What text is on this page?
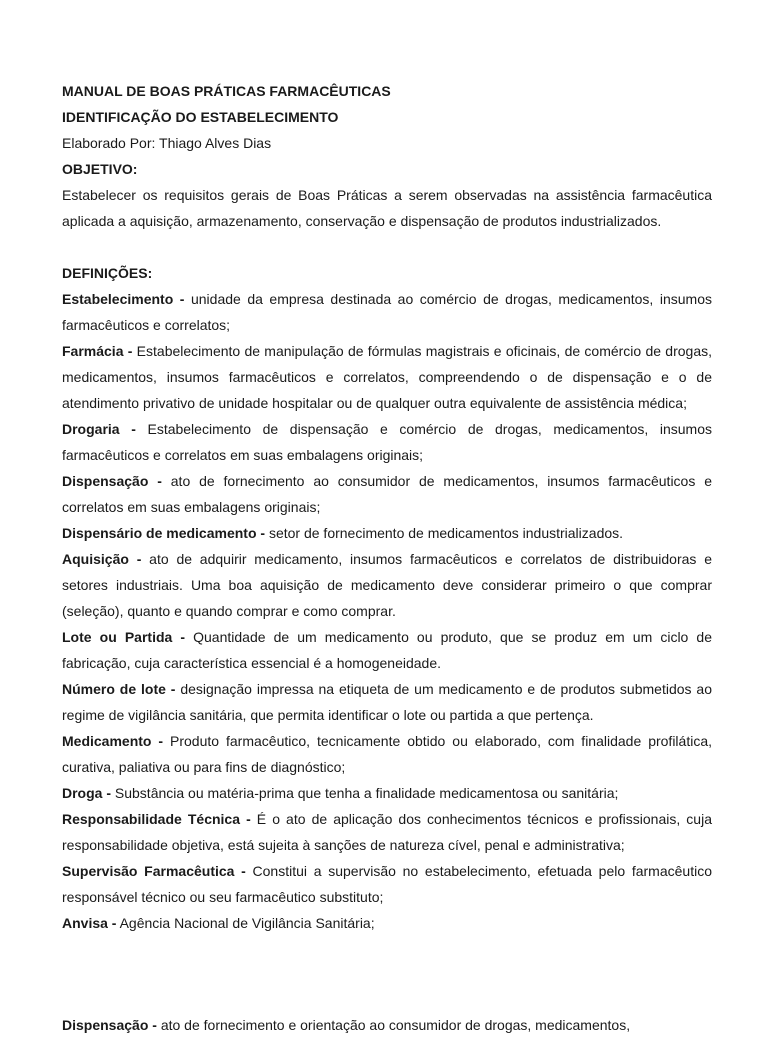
MANUAL DE BOAS PRÁTICAS FARMACÊUTICAS

IDENTIFICAÇÃO DO ESTABELECIMENTO

Elaborado Por: Thiago Alves Dias

OBJETIVO:

Estabelecer os requisitos gerais de Boas Práticas a serem observadas na assistência farmacêutica aplicada a aquisição, armazenamento, conservação e dispensação de produtos industrializados.

DEFINIÇÕES:

Estabelecimento - unidade da empresa destinada ao comércio de drogas, medicamentos, insumos farmacêuticos e correlatos;

Farmácia - Estabelecimento de manipulação de fórmulas magistrais e oficinais, de comércio de drogas, medicamentos, insumos farmacêuticos e correlatos, compreendendo o de dispensação e o de atendimento privativo de unidade hospitalar ou de qualquer outra equivalente de assistência médica;

Drogaria - Estabelecimento de dispensação e comércio de drogas, medicamentos, insumos farmacêuticos e correlatos em suas embalagens originais;

Dispensação - ato de fornecimento ao consumidor de medicamentos, insumos farmacêuticos e correlatos em suas embalagens originais;

Dispensário de medicamento - setor de fornecimento de medicamentos industrializados.

Aquisição - ato de adquirir medicamento, insumos farmacêuticos e correlatos de distribuidoras e setores industriais. Uma boa aquisição de medicamento deve considerar primeiro o que comprar (seleção), quanto e quando comprar e como comprar.

Lote ou Partida - Quantidade de um medicamento ou produto, que se produz em um ciclo de fabricação, cuja característica essencial é a homogeneidade.

Número de lote - designação impressa na etiqueta de um medicamento e de produtos submetidos ao regime de vigilância sanitária, que permita identificar o lote ou partida a que pertença.

Medicamento - Produto farmacêutico, tecnicamente obtido ou elaborado, com finalidade profilática, curativa, paliativa ou para fins de diagnóstico;

Droga - Substância ou matéria-prima que tenha a finalidade medicamentosa ou sanitária;

Responsabilidade Técnica - É o ato de aplicação dos conhecimentos técnicos e profissionais, cuja responsabilidade objetiva, está sujeita à sanções de natureza cível, penal e administrativa;

Supervisão Farmacêutica - Constitui a supervisão no estabelecimento, efetuada pelo farmacêutico responsável técnico ou seu farmacêutico substituto;

Anvisa - Agência Nacional de Vigilância Sanitária;

Dispensação - ato de fornecimento e orientação ao consumidor de drogas, medicamentos,
